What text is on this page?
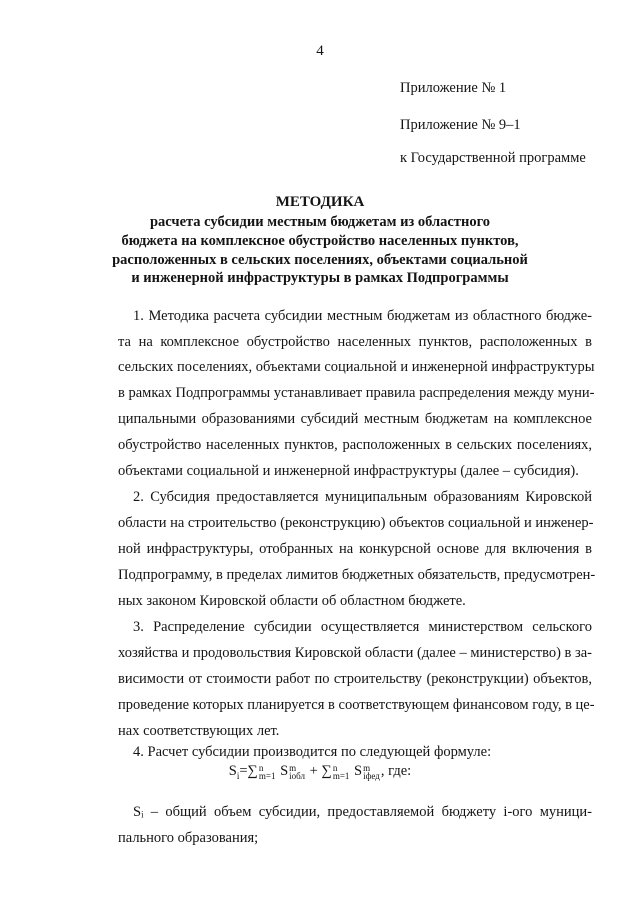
4
Приложение № 1
Приложение № 9–1
к Государственной программе
МЕТОДИКА
расчета субсидии местным бюджетам из областного
бюджета на комплексное обустройство населенных пунктов,
расположенных в сельских поселениях, объектами социальной
и инженерной инфраструктуры в рамках Подпрограммы
1. Методика расчета субсидии местным бюджетам из областного бюдже-
та на комплексное обустройство населенных пунктов, расположенных в
сельских поселениях, объектами социальной и инженерной инфраструктуры
в рамках Подпрограммы устанавливает правила распределения между муни-
ципальными образованиями субсидий местным бюджетам на комплексное
обустройство населенных пунктов, расположенных в сельских поселениях,
объектами социальной и инженерной инфраструктуры (далее – субсидия).
2. Субсидия предоставляется муниципальным образованиям Кировской
области на строительство (реконструкцию) объектов социальной и инженер-
ной инфраструктуры, отобранных на конкурсной основе для включения в
Подпрограмму, в пределах лимитов бюджетных обязательств, предусмотрен-
ных законом Кировской области об областном бюджете.
3. Распределение субсидии осуществляется министерством сельского
хозяйства и продовольствия Кировской области (далее – министерство) в за-
висимости от стоимости работ по строительству (реконструкции) объектов,
проведение которых планируется в соответствующем финансовом году, в це-
нах соответствующих лет.
4. Расчет субсидии производится по следующей формуле:
$S_i=\sum$ n
m=1 S m
iобл + ∑ n
m=1 S m
iфед , где:
Sᵢ – общий объем субсидии, предоставляемой бюджету i-ого муници-
пального образования;
